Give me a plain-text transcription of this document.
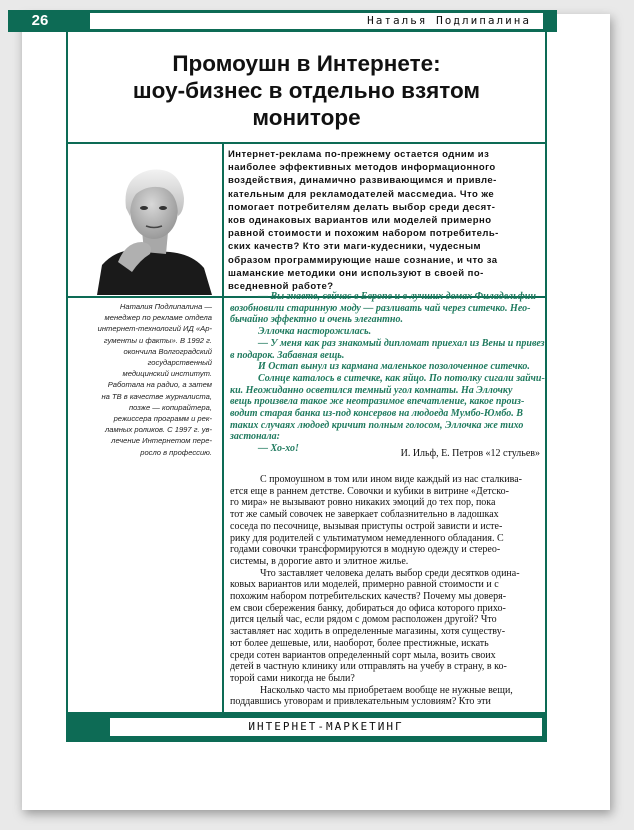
26	Наталья Подлипалина
Промоушн в Интернете:
шоу-бизнес в отдельно взятом
мониторе
Наталия Подлипалина —
менеджер по рекламе отдела
интернет-технологий ИД «Ар-
гументы и факты». В 1992 г.
окончила Волгоградский
государственный
медицинский институт.
Работала на радио, а затем
на ТВ в качестве журналиста,
позже — копирайтера,
режиссера программ и рек-
ламных роликов. С 1997 г. ув-
лечение Интернетом пере-
росло в профессию.
Интернет-реклама по-прежнему остается одним из
наиболее эффективных методов информационного
воздействия, динамично развивающимся и привле-
кательным для рекламодателей массмедиа. Что же
помогает потребителям делать выбор среди десят-
ков одинаковых вариантов или моделей примерно
равной стоимости и похожим набором потребитель-
ских качеств? Кто эти маги-кудесники, чудесным
образом программирующие наше сознание, и что за
шаманские методики они используют в своей по-
вседневной работе?
— Вы знаете, сейчас в Европе и в лучших домах Филадельфии
возобновили старинную моду — разливать чай через ситечко. Нео-
бычайно эффектно и очень элегантно.
Эллочка насторожилась.
— У меня как раз знакомый дипломат приехал из Вены и привез
в подарок. Забавная вещь.
И Остап вынул из кармана маленькое позолоченное ситечко.
Солнце каталось в ситечке, как яйцо. По потолку сигали зайчи-
ки. Неожиданно осветился темный угол комнаты. На Эллочку
вещь произвела такое же неотразимое впечатление, какое произ-
водит старая банка из-под консервов на людоеда Мумбо-Юмбо. В
таких случаях людоед кричит полным голосом, Эллочка же тихо
застонала:
— Хо-хо!	И. Ильф, Е. Петров «12 стульев»
С промоушном в том или ином виде каждый из нас сталкива-
ется еще в раннем детстве. Совочки и кубики в витрине «Детско-
го мира» не вызывают ровно никаких эмоций до тех пор, пока
тот же самый совочек не заверкает соблазнительно в ладошках
соседа по песочнице, вызывая приступы острой зависти и истe-
рику для родителей с ультиматумом немедленного обладания. С
годами совочки трансформируются в модную одежду и стерео-
системы, в дорогие авто и элитное жилье.
Что заставляет человека делать выбор среди десятков одина-
ковых вариантов или моделей, примерно равной стоимости и с
похожим набором потребительских качеств? Почему мы доверя-
ем свои сбережения банку, добираться до офиса которого прихо-
дится целый час, если рядом с домом расположен другой? Что
заставляет нас ходить в определенные магазины, хотя существу-
ют более дешевые, или, наоборот, более престижные, искать
среди сотен вариантов определенный сорт мыла, возить своих
детей в частную клинику или отправлять на учебу в страну, в ко-
торой сами никогда не были?
Насколько часто мы приобретаем вообще не нужные вещи,
поддавшись уговорам и привлекательным условиям? Кто эти
ИНТЕРНЕТ-МАРКЕТИНГ
